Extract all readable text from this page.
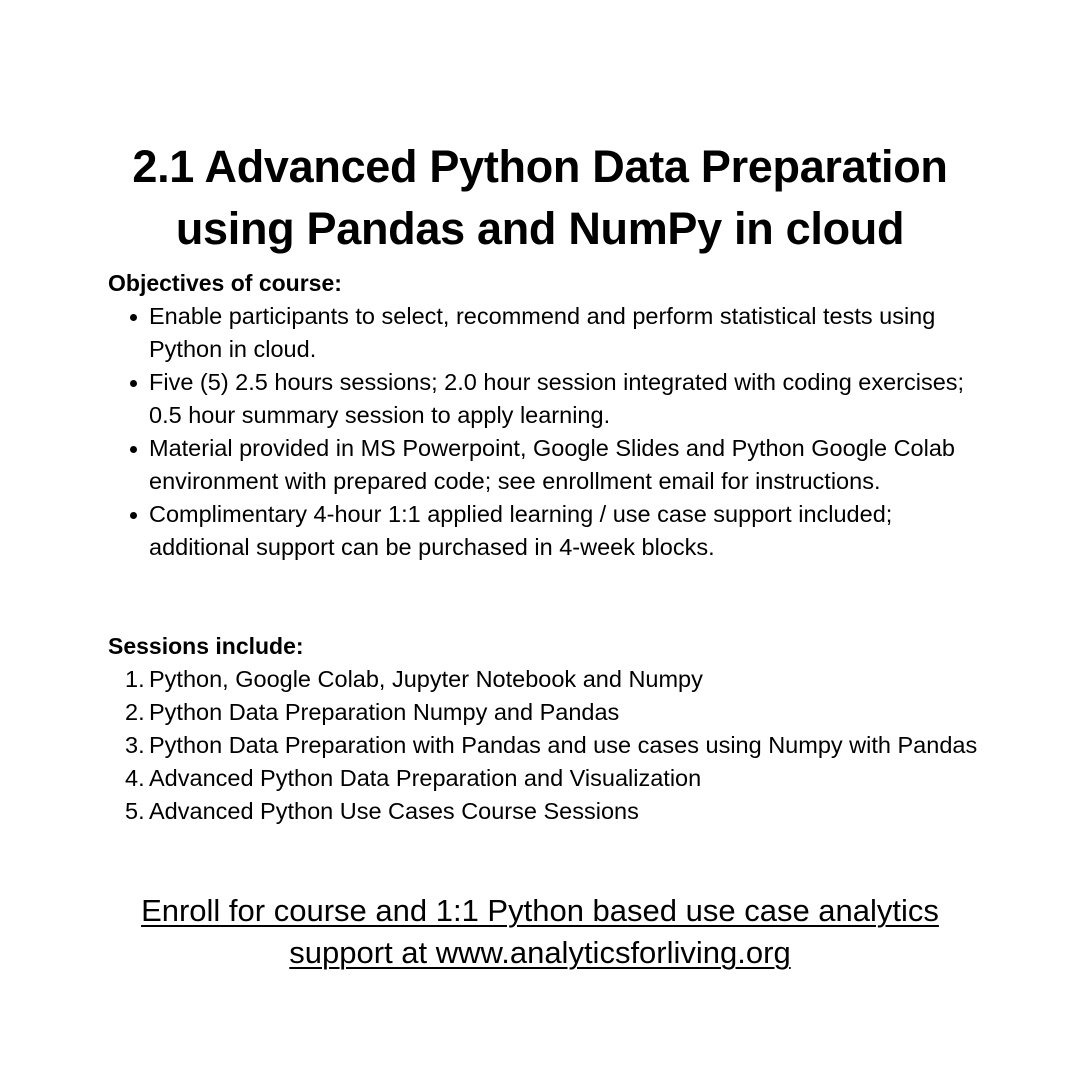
2.1 Advanced Python Data Preparation
using Pandas and NumPy in cloud
Objectives of course:
Enable participants to select, recommend and perform statistical tests using Python in cloud.
Five (5) 2.5 hours sessions; 2.0 hour session integrated with coding exercises; 0.5 hour summary session to apply learning.
Material provided in MS Powerpoint, Google Slides and Python Google Colab environment with prepared code; see enrollment email for instructions.
Complimentary 4-hour 1:1 applied learning / use case support included; additional support can be purchased in 4-week blocks.
Sessions include:
1. Python, Google Colab, Jupyter Notebook and Numpy
2. Python Data Preparation Numpy and Pandas
3. Python Data Preparation with Pandas and use cases using Numpy with Pandas
4. Advanced Python Data Preparation and Visualization
5. Advanced Python Use Cases Course Sessions
Enroll for course and 1:1 Python based use case analytics
support at www.analyticsforliving.org
